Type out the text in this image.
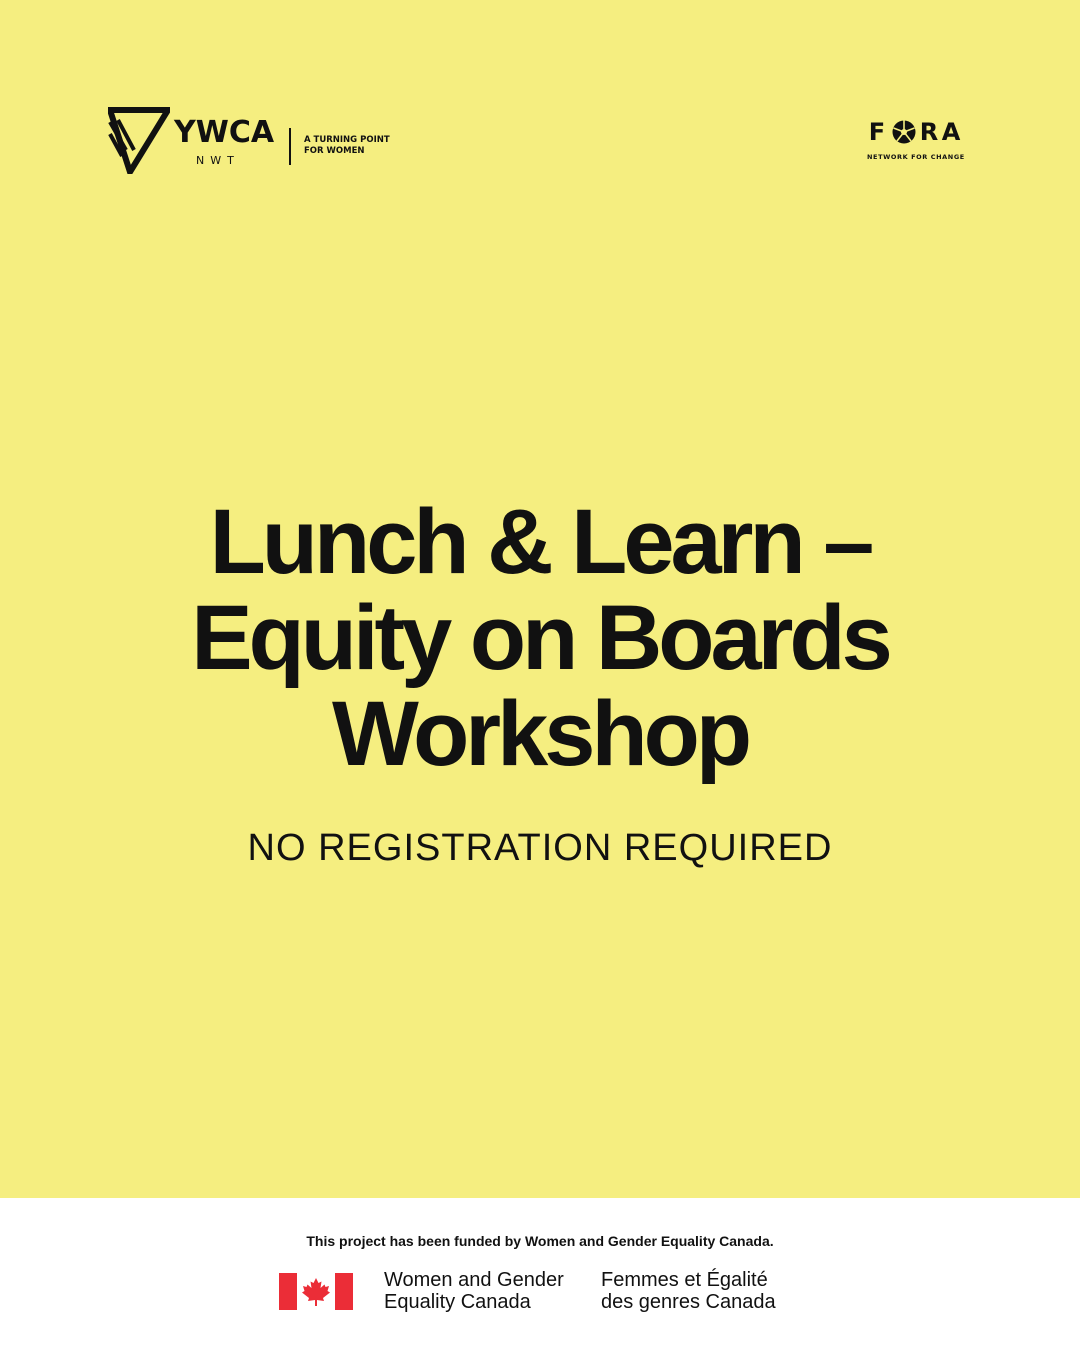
YWCA
NWT
A TURNING POINT
FOR WOMEN
F R A
NETWORK FOR CHANGE
Lunch & Learn –
Equity on Boards
Workshop
NO REGISTRATION REQUIRED
This project has been funded by Women and Gender Equality Canada.
Women and Gender
Equality Canada
Femmes et Égalité
des genres Canada
